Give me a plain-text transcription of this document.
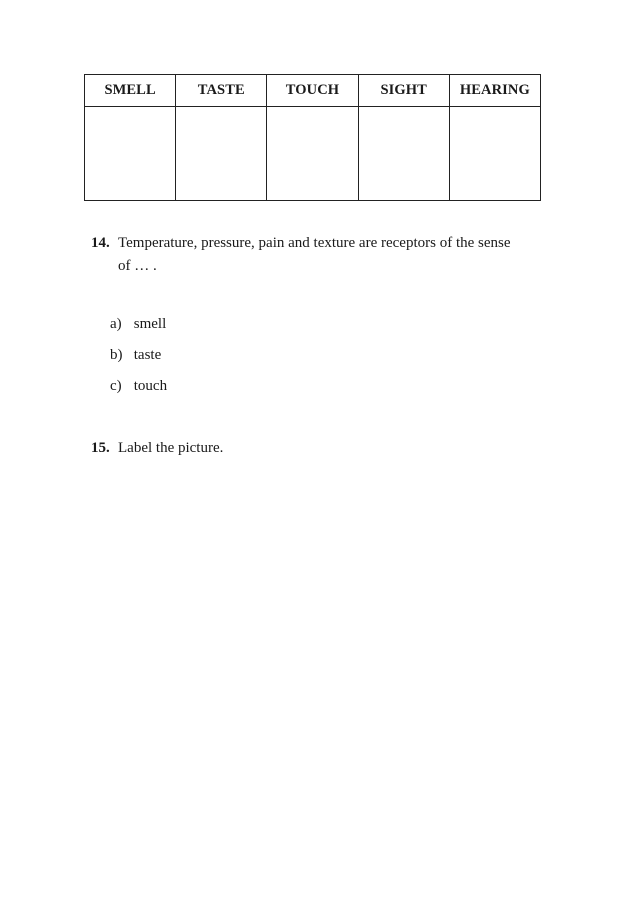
SMELL	TASTE	TOUCH	SIGHT	HEARING

14. Temperature, pressure, pain and texture are receptors of the sense
of … .
a) smell
b) taste
c) touch
15. Label the picture.
